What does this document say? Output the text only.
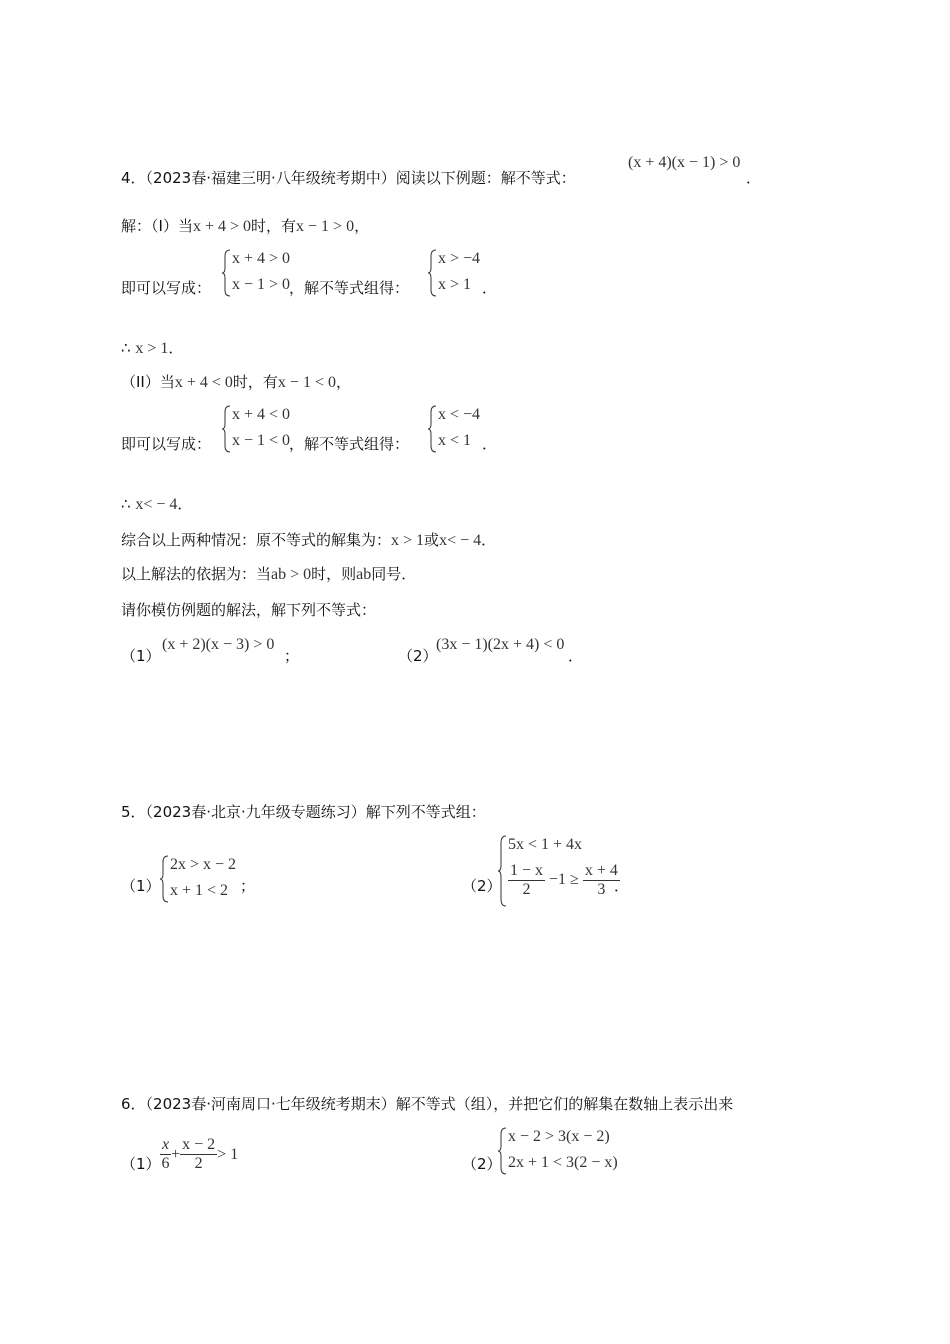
4．（2023春·福建三明·八年级统考期中）阅读以下例题：解不等式：
(x + 4)(x − 1) > 0
．
解：（I）当x + 4 > 0时，有x − 1 > 0，
即可以写成：
x + 4 > 0
x − 1 > 0
，解不等式组得：
x > −4
x > 1 ．
∴ x > 1．
（II）当x + 4 < 0时，有x − 1 < 0，
即可以写成：
x + 4 < 0
x − 1 < 0
，解不等式组得：
x < −4
x < 1 ．
∴ x< − 4．
综合以上两种情况：原不等式的解集为：x > 1或x< − 4．
以上解法的依据为：当ab > 0时，则ab同号．
请你模仿例题的解法，解下列不等式：
（1）
(x + 2)(x − 3) > 0
；	（2）
(3x − 1)(2x + 4) < 0
．
5．（2023春·北京·九年级专题练习）解下列不等式组：
（1）
2x > x − 2
x + 1 < 2 ；	（2）
5x < 1 + 4x
$\frac{1 - x}{2} -1 \ge \frac{x + 4}{3}$
．
6．（2023春·河南周口·七年级统考期末）解不等式（组），并把它们的解集在数轴上表示出来
$(1) \frac{x}{6} + \frac{x - 2}{2} > 1$
（2）
x − 2 > 3(x − 2)
2x + 1 < 3(2 − x)
